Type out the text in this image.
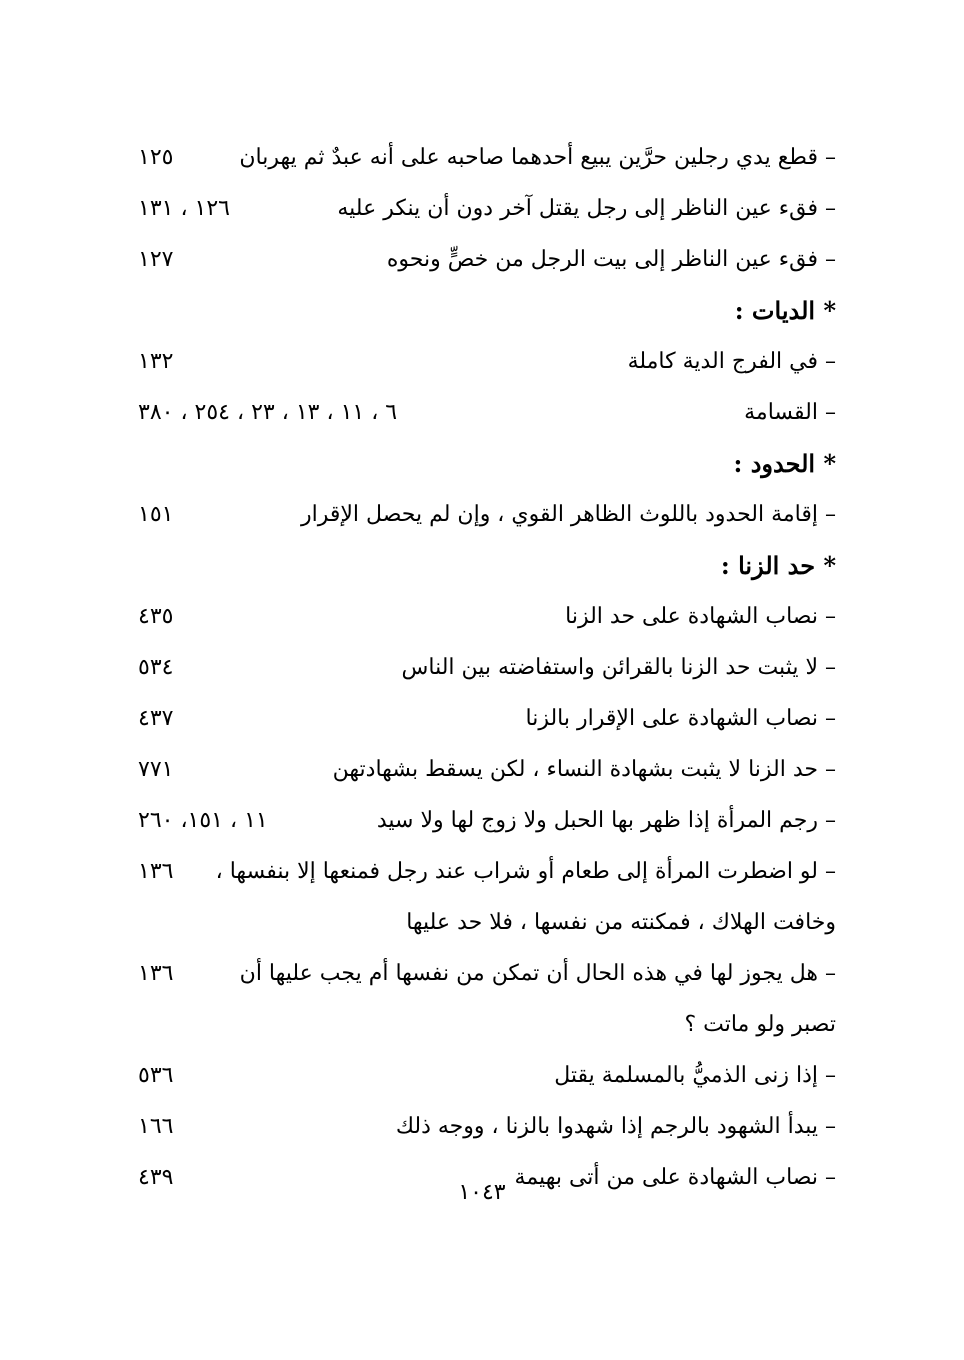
١٢٥	– قطع يدي رجلين حرَّين يبيع أحدهما صاحبه على أنه عبدٌ ثم يهربان
١٢٦ ، ١٣١	– فقء عين الناظر إلى رجل يقتل آخر دون أن ينكر عليه
١٢٧	– فقء عين الناظر إلى بيت الرجل من خصٍّ ونحوه
* الديات :
١٣٢	– في الفرج الدية كاملة
٦ ، ١١ ، ١٣ ، ٢٣ ، ٢٥٤ ، ٣٨٠	– القسامة
* الحدود :
١٥١	– إقامة الحدود باللوث الظاهر القوي ، وإن لم يحصل الإقرار
* حد الزنا :
٤٣٥	– نصاب الشهادة على حد الزنا
٥٣٤	– لا يثبت حد الزنا بالقرائن واستفاضته بين الناس
٤٣٧	– نصاب الشهادة على الإقرار بالزنا
٧٧١	– حد الزنا لا يثبت بشهادة النساء ، لكن يسقط بشهادتهن
١١ ، ١٥١، ٢٦٠	– رجم المرأة إذا ظهر بها الحبل ولا زوج لها ولا سيد
١٣٦	– لو اضطرت المرأة إلى طعام أو شراب عند رجل فمنعها إلا بنفسها ، وخافت الهلاك ، فمكنته من نفسها ، فلا حد عليها
١٣٦	– هل يجوز لها في هذه الحال أن تمكن من نفسها أم يجب عليها أن تصبر ولو ماتت ؟
٥٣٦	– إذا زنى الذميُّ بالمسلمة يقتل
١٦٦	– يبدأ الشهود بالرجم إذا شهدوا بالزنا ، ووجه ذلك
٤٣٩	– نصاب الشهادة على من أتى بهيمة
١٠٤٣
